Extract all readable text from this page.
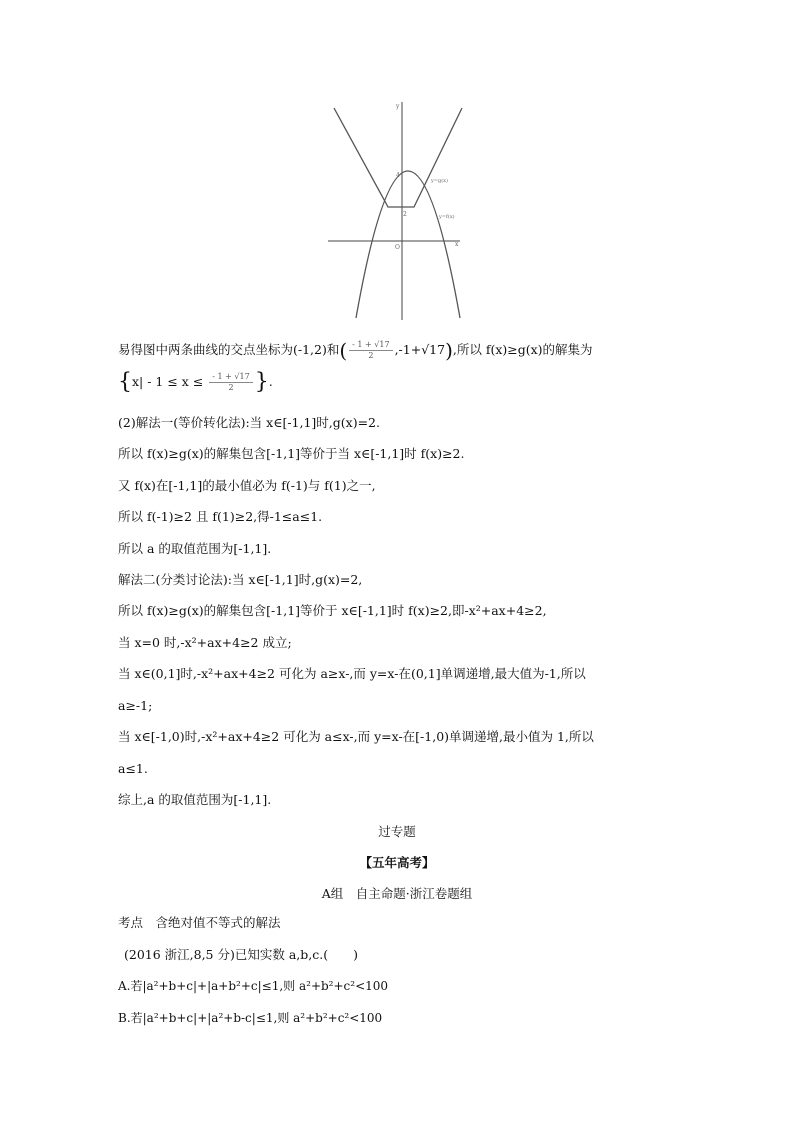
y
x
O
4
2
y=g(x)
y=f(x)
易得图中两条曲线的交点坐标为(-1,2)和( $\frac{- 1 + √17}{2} ,-1+√17$),所以 f(x)≥g(x)的解集为
{$x| - 1 \le x \le \frac{- 1 + √17}{2}$ }.
(2)解法一(等价转化法):当 x∈[-1,1]时,g(x)=2.
所以 f(x)≥g(x)的解集包含[-1,1]等价于当 x∈[-1,1]时 f(x)≥2.
又 f(x)在[-1,1]的最小值必为 f(-1)与 f(1)之一,
所以 f(-1)≥2 且 f(1)≥2,得-1≤a≤1.
所以 a 的取值范围为[-1,1].
解法二(分类讨论法):当 x∈[-1,1]时,g(x)=2,
所以 f(x)≥g(x)的解集包含[-1,1]等价于 x∈[-1,1]时 f(x)≥2,即-x²+ax+4≥2,
当 x=0 时,-x²+ax+4≥2 成立;
当 x∈(0,1]时,-x²+ax+4≥2 可化为 a≥x-,而 y=x-在(0,1]单调递增,最大值为-1,所以
a≥-1;
当 x∈[-1,0)时,-x²+ax+4≥2 可化为 a≤x-,而 y=x-在[-1,0)单调递增,最小值为 1,所以
a≤1.
综上,a 的取值范围为[-1,1].
过专题
【五年高考】
A组　自主命题·浙江卷题组
考点　含绝对值不等式的解法
(2016 浙江,8,5 分)已知实数 a,b,c.(　　)
A.若|a²+b+c|+|a+b²+c|≤1,则 a²+b²+c²<100
B.若|a²+b+c|+|a²+b-c|≤1,则 a²+b²+c²<100
